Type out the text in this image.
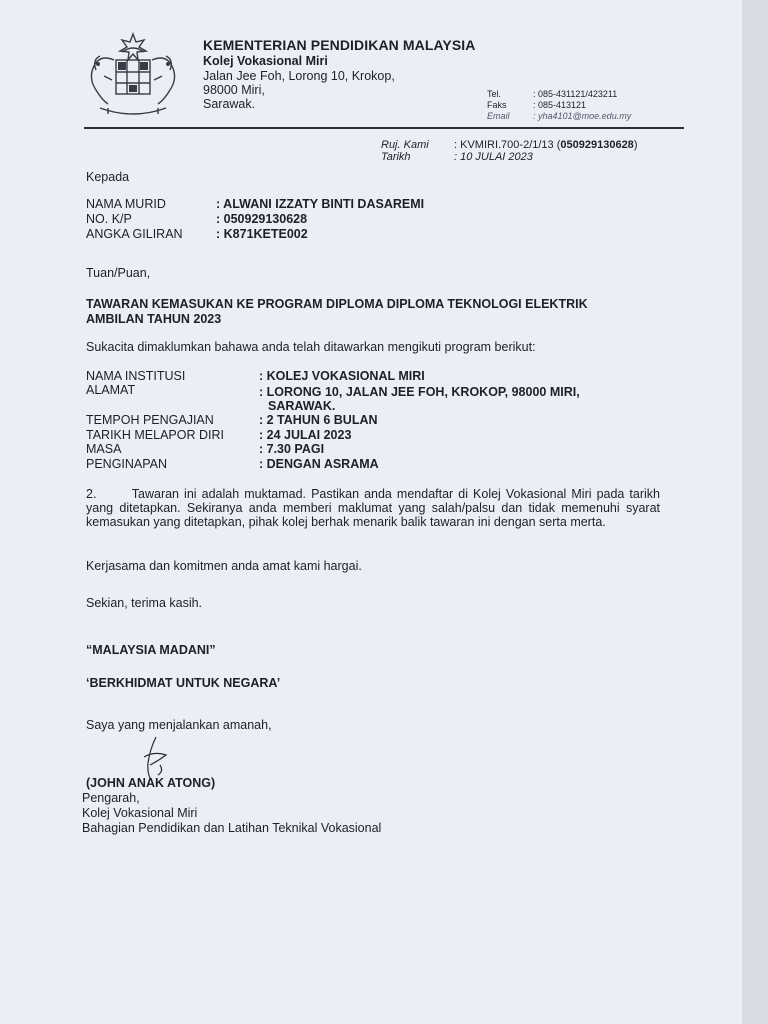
KEMENTERIAN PENDIDIKAN MALAYSIA
Kolej Vokasional Miri
Jalan Jee Foh, Lorong 10, Krokop,
98000 Miri,
Sarawak.
Tel.	: 085-431121/423211
Faks	: 085-413121
Email	: yha4101@moe.edu.my
Ruj. Kami : KVMIRI.700-2/1/13 (050929130628)
Tarikh	: 10 JULAI 2023
Kepada
NAMA MURID	: ALWANI IZZATY BINTI DASAREMI
NO. K/P	: 050929130628
ANGKA GILIRAN	: K871KETE002
Tuan/Puan,
TAWARAN KEMASUKAN KE PROGRAM DIPLOMA DIPLOMA TEKNOLOGI ELEKTRIK
AMBILAN TAHUN 2023
Sukacita dimaklumkan bahawa anda telah ditawarkan mengikuti program berikut:
NAMA INSTITUSI	: KOLEJ VOKASIONAL MIRI
ALAMAT	: LORONG 10, JALAN JEE FOH, KROKOP, 98000 MIRI,
SARAWAK.
TEMPOH PENGAJIAN	: 2 TAHUN 6 BULAN
TARIKH MELAPOR DIRI	: 24 JULAI 2023
MASA	: 7.30 PAGI
PENGINAPAN	: DENGAN ASRAMA
2.       Tawaran ini adalah muktamad. Pastikan anda mendaftar di Kolej Vokasional Miri pada tarikh yang ditetapkan. Sekiranya anda memberi maklumat yang salah/palsu dan tidak memenuhi syarat kemasukan yang ditetapkan, pihak kolej berhak menarik balik tawaran ini dengan serta merta.
Kerjasama dan komitmen anda amat kami hargai.
Sekian, terima kasih.
“MALAYSIA MADANI”
‘BERKHIDMAT UNTUK NEGARA’
Saya yang menjalankan amanah,
(JOHN ANAK ATONG)
Pengarah,
Kolej Vokasional Miri
Bahagian Pendidikan dan Latihan Teknikal Vokasional
